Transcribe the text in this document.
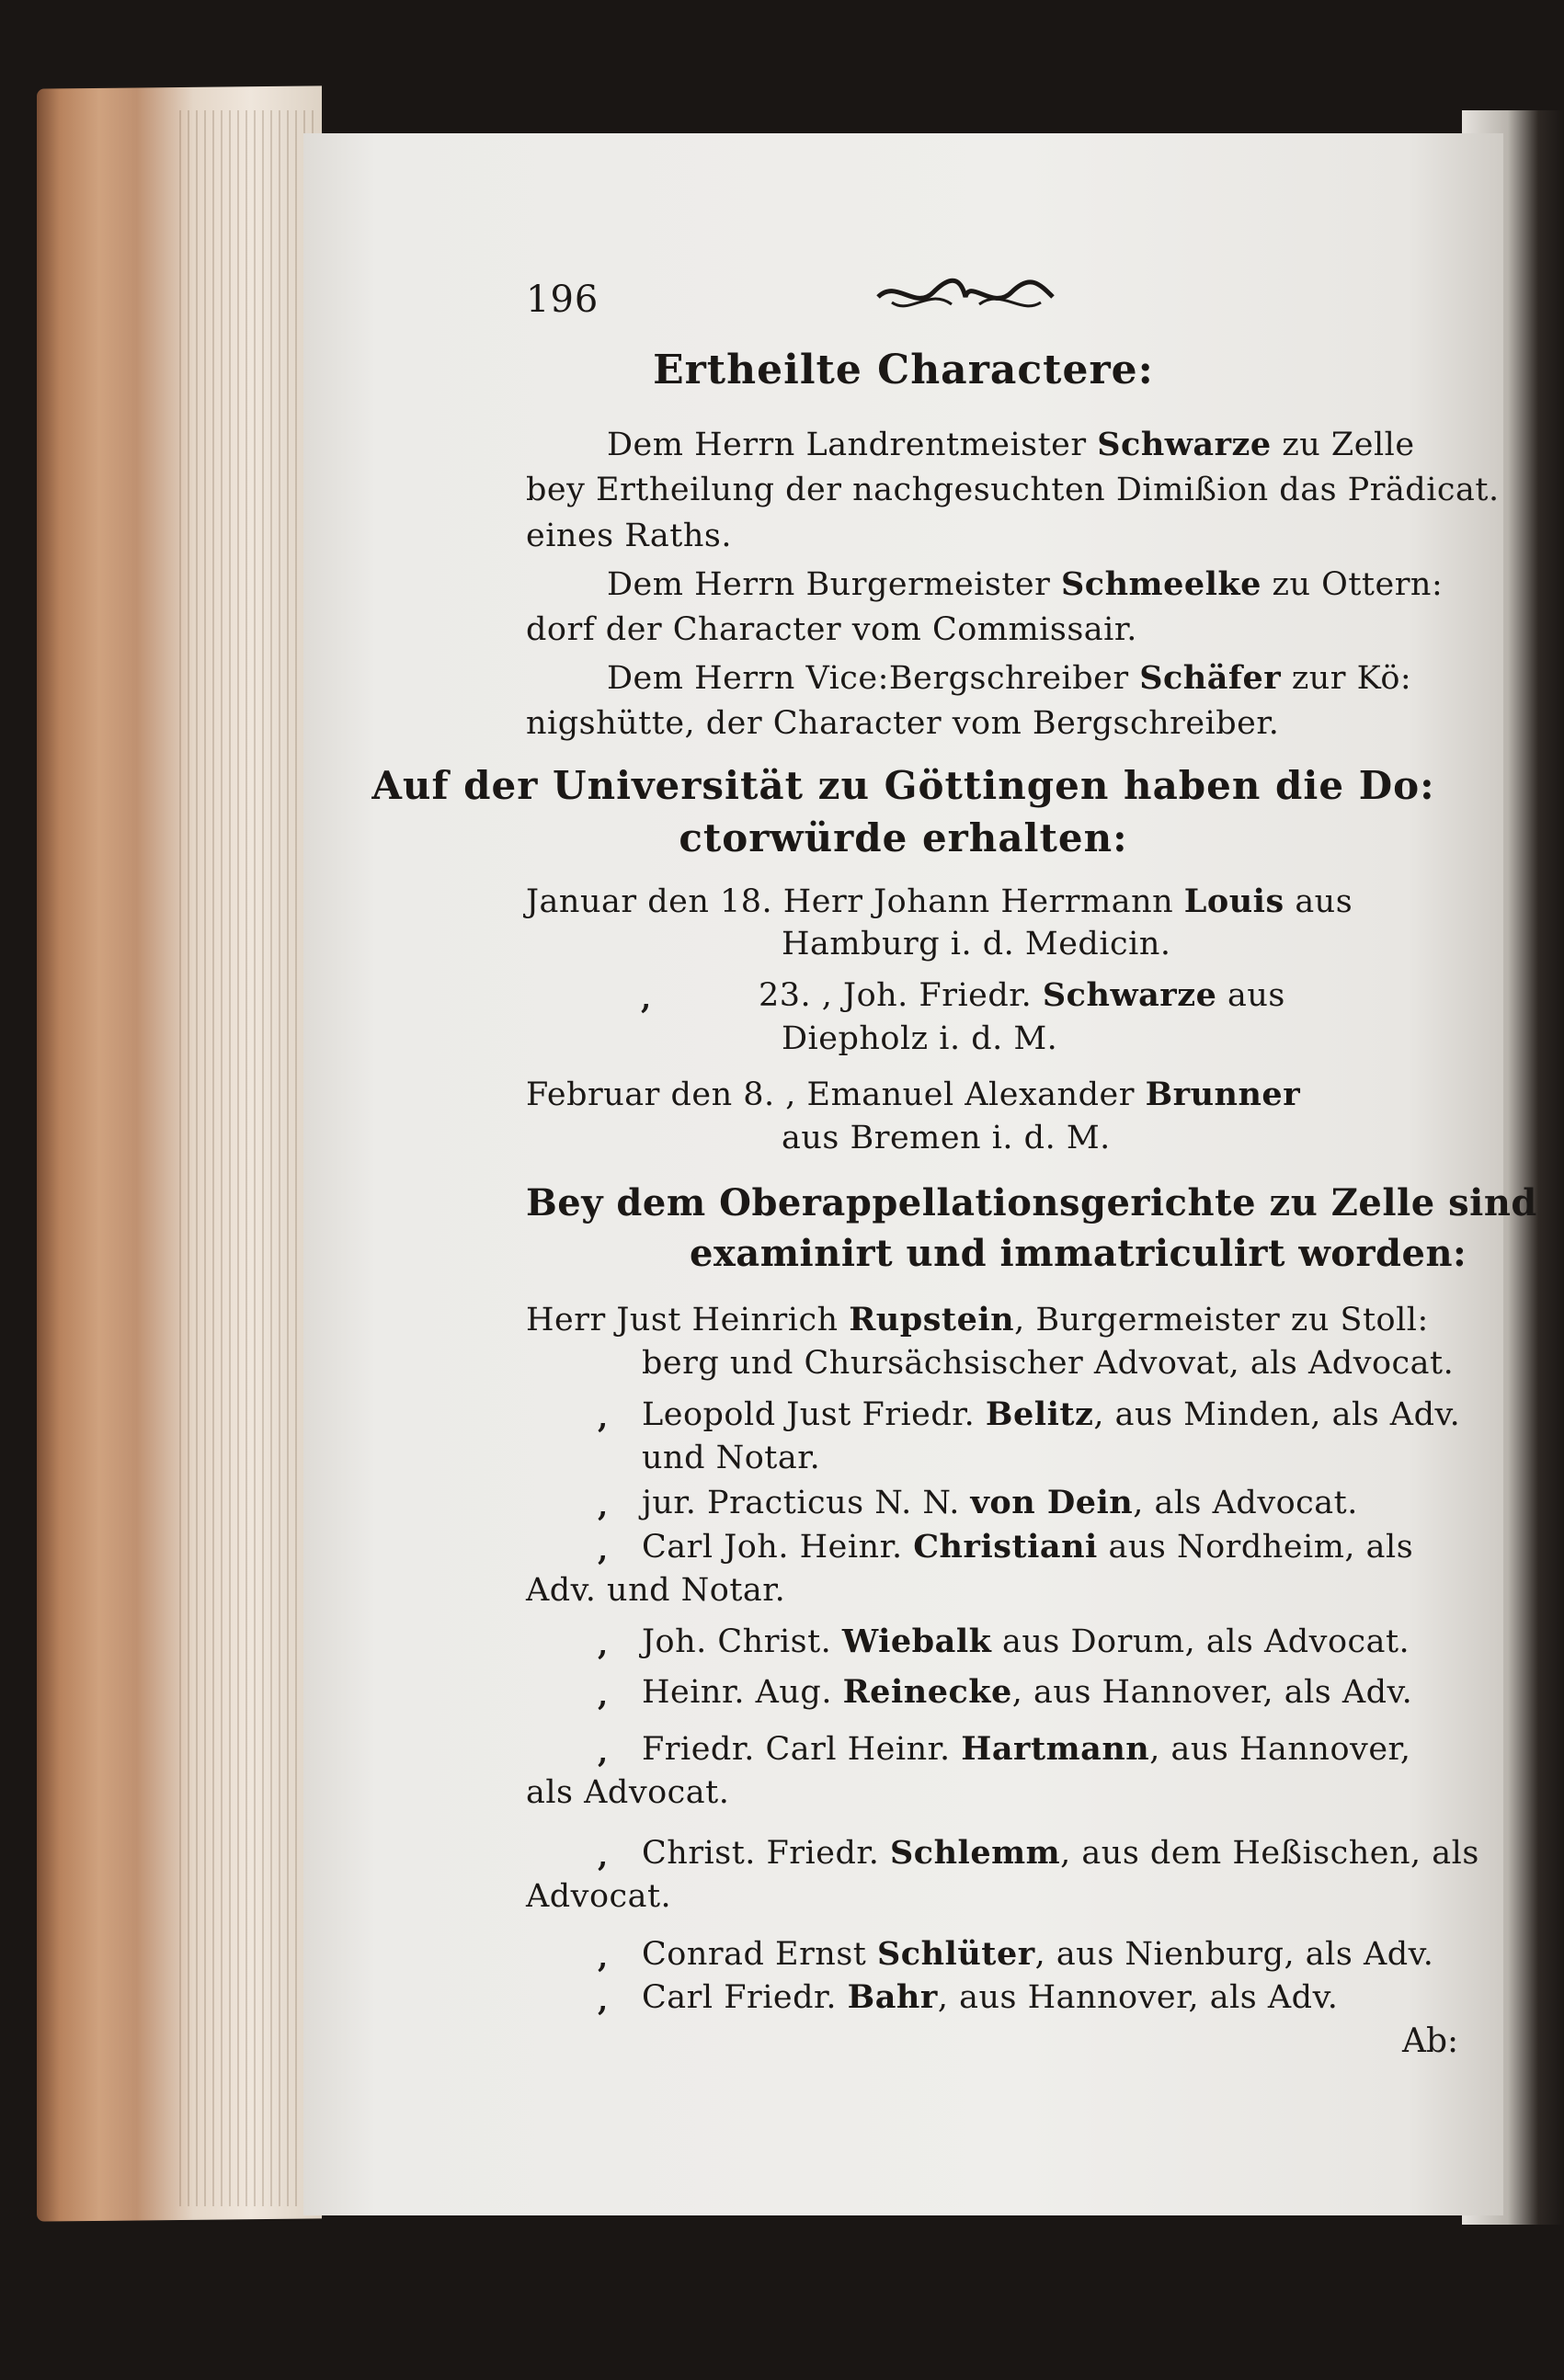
196
Ertheilte Charactere:
Dem Herrn Landrentmeister Schwarze zu Zelle
bey Ertheilung der nachgesuchten Dimißion das Prädicat.
eines Raths.
Dem Herrn Burgermeister Schmeelke zu Ottern:
dorf der Character vom Commissair.
Dem Herrn Vice:Bergschreiber Schäfer zur Kö:
nigshütte, der Character vom Bergschreiber.
Auf der Universität zu Göttingen haben die Do:
ctorwürde erhalten:
Januar den 18. Herr Johann Herrmann Louis aus
Hamburg i. d. Medicin.
,	23. , Joh. Friedr. Schwarze aus
Diepholz i. d. M.
Februar den 8. , Emanuel Alexander Brunner
aus Bremen i. d. M.
Bey dem Oberappellationsgerichte zu Zelle sind
examinirt und immatriculirt worden:
Herr Just Heinrich Rupstein, Burgermeister zu Stoll:
berg und Chursächsischer Advovat, als Advocat.
, Leopold Just Friedr. Belitz, aus Minden, als Adv.
und Notar.
, jur. Practicus N. N. von Dein, als Advocat.
, Carl Joh. Heinr. Christiani aus Nordheim, als
Adv. und Notar.
, Joh. Christ. Wiebalk aus Dorum, als Advocat.
, Heinr. Aug. Reinecke, aus Hannover, als Adv.
, Friedr. Carl Heinr. Hartmann, aus Hannover,
als Advocat.
, Christ. Friedr. Schlemm, aus dem Heßischen, als
Advocat.
, Conrad Ernst Schlüter, aus Nienburg, als Adv.
, Carl Friedr. Bahr, aus Hannover, als Adv.
Ab:
